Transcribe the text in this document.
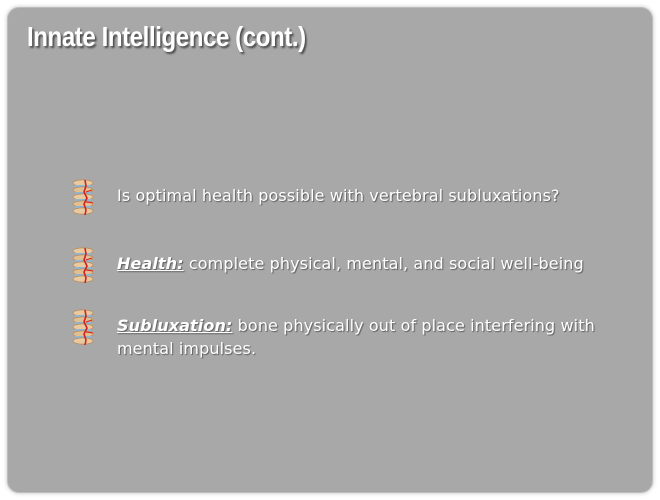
Innate Intelligence (cont.)
Is optimal health possible with vertebral subluxations?
Health: complete physical, mental, and social well-being
Subluxation: bone physically out of place interfering with mental impulses.
